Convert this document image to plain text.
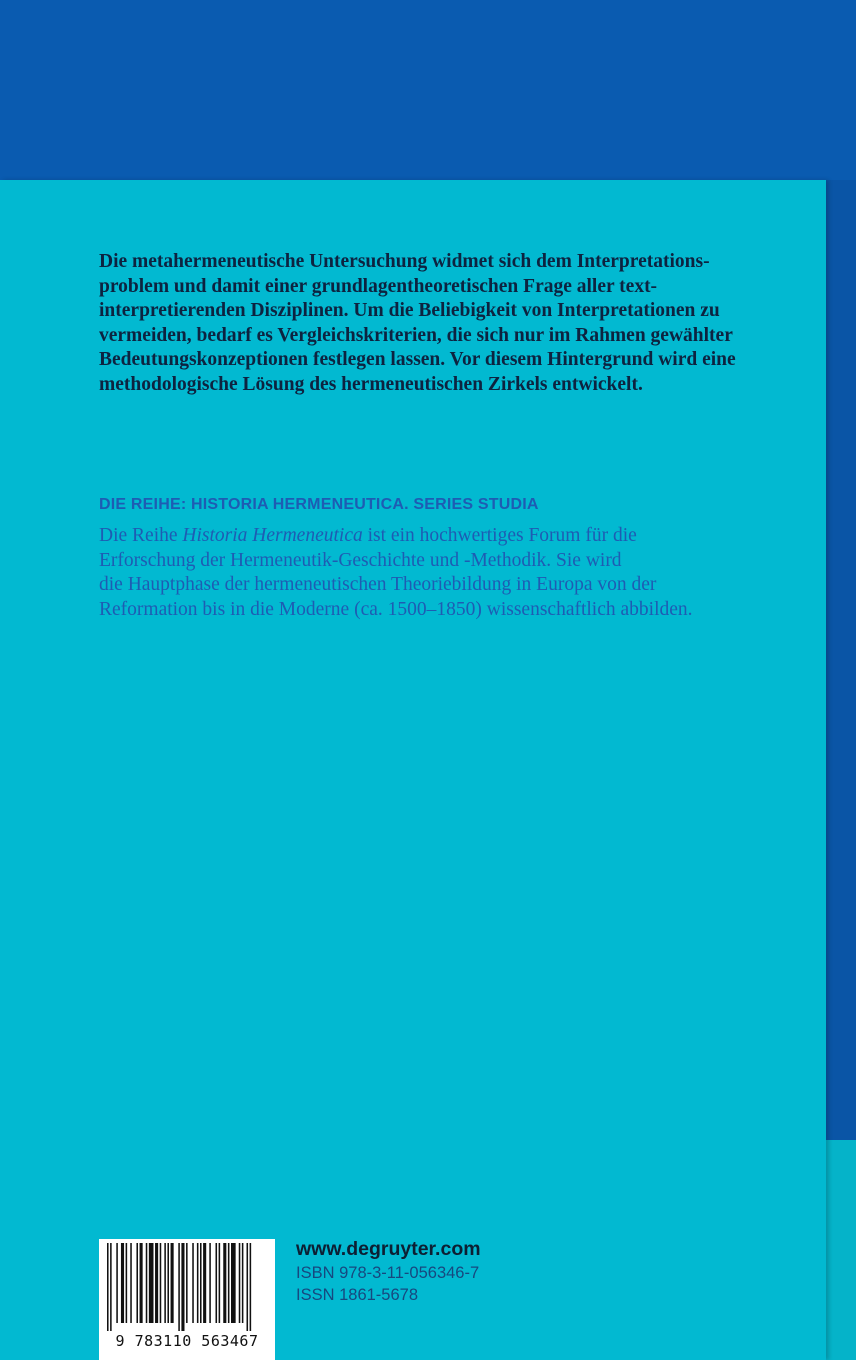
Die metahermeneutische Untersuchung widmet sich dem Interpretations-
problem und damit einer grundlagentheoretischen Frage aller text-
interpretierenden Disziplinen. Um die Beliebigkeit von Interpretationen zu
vermeiden, bedarf es Vergleichskriterien, die sich nur im Rahmen gewählter
Bedeutungskonzeptionen festlegen lassen. Vor diesem Hintergrund wird eine
methodologische Lösung des hermeneutischen Zirkels entwickelt.

DIE REIHE: HISTORIA HERMENEUTICA. SERIES STUDIA
Die Reihe Historia Hermeneutica ist ein hochwertiges Forum für die
Erforschung der Hermeneutik-Geschichte und -Methodik. Sie wird
die Hauptphase der hermeneutischen Theoriebildung in Europa von der
Reformation bis in die Moderne (ca. 1500–1850) wissenschaftlich abbilden.
9 783110 563467
www.degruyter.com
ISBN 978-3-11-056346-7
ISSN 1861-5678
